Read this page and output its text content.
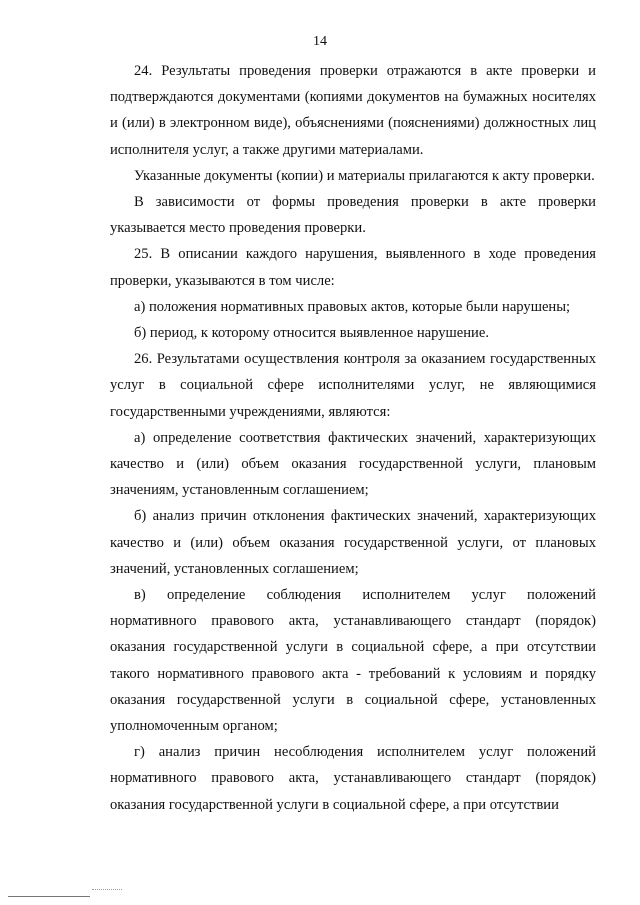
14

24. Результаты проведения проверки отражаются в акте проверки и подтверждаются документами (копиями документов на бумажных носителях и (или) в электронном виде), объяснениями (пояснениями) должностных лиц исполнителя услуг, а также другими материалами.

Указанные документы (копии) и материалы прилагаются к акту проверки.

В зависимости от формы проведения проверки в акте проверки указывается место проведения проверки.

25. В описании каждого нарушения, выявленного в ходе проведения проверки, указываются в том числе:

а) положения нормативных правовых актов, которые были нарушены;

б) период, к которому относится выявленное нарушение.

26. Результатами осуществления контроля за оказанием государственных услуг в социальной сфере исполнителями услуг, не являющимися государственными учреждениями, являются:

а) определение соответствия фактических значений, характеризующих качество и (или) объем оказания государственной услуги, плановым значениям, установленным соглашением;

б) анализ причин отклонения фактических значений, характеризующих качество и (или) объем оказания государственной услуги, от плановых значений, установленных соглашением;

в) определение соблюдения исполнителем услуг положений нормативного правового акта, устанавливающего стандарт (порядок) оказания государственной услуги в социальной сфере, а при отсутствии такого нормативного правового акта - требований к условиям и порядку оказания государственной услуги в социальной сфере, установленных уполномоченным органом;

г) анализ причин несоблюдения исполнителем услуг положений нормативного правового акта, устанавливающего стандарт (порядок) оказания государственной услуги в социальной сфере, а при отсутствии
